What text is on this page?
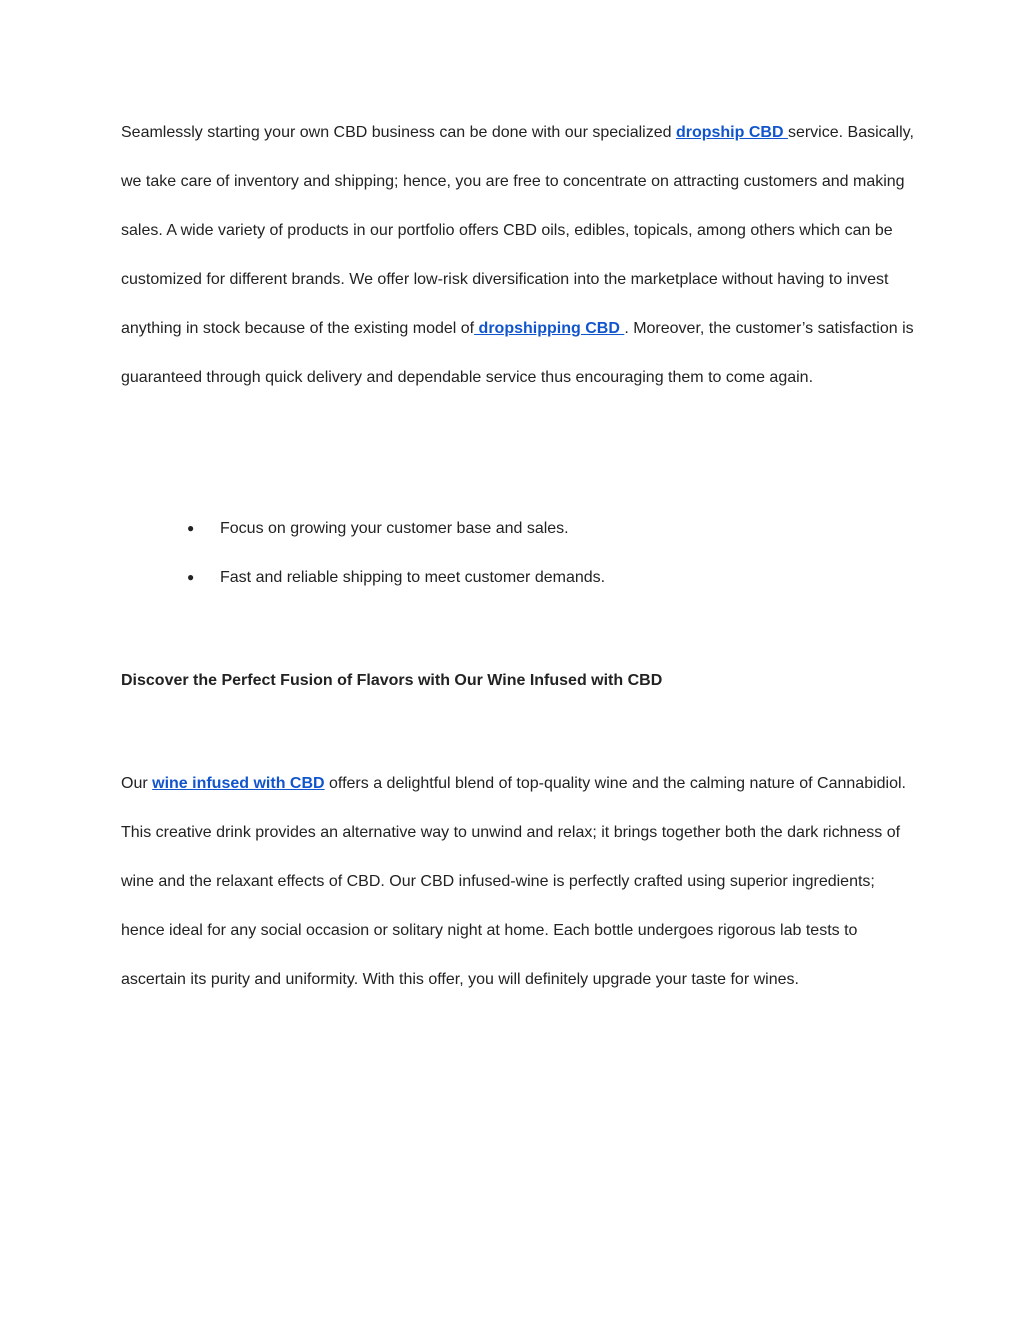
Seamlessly starting your own CBD business can be done with our specialized dropship CBD service. Basically, we take care of inventory and shipping; hence, you are free to concentrate on attracting customers and making sales. A wide variety of products in our portfolio offers CBD oils, edibles, topicals, among others which can be customized for different brands. We offer low-risk diversification into the marketplace without having to invest anything in stock because of the existing model of dropshipping CBD . Moreover, the customer’s satisfaction is guaranteed through quick delivery and dependable service thus encouraging them to come again.

● Focus on growing your customer base and sales.
● Fast and reliable shipping to meet customer demands.
Discover the Perfect Fusion of Flavors with Our Wine Infused with CBD

Our wine infused with CBD offers a delightful blend of top-quality wine and the calming nature of Cannabidiol. This creative drink provides an alternative way to unwind and relax; it brings together both the dark richness of wine and the relaxant effects of CBD. Our CBD infused-wine is perfectly crafted using superior ingredients; hence ideal for any social occasion or solitary night at home. Each bottle undergoes rigorous lab tests to ascertain its purity and uniformity. With this offer, you will definitely upgrade your taste for wines.
